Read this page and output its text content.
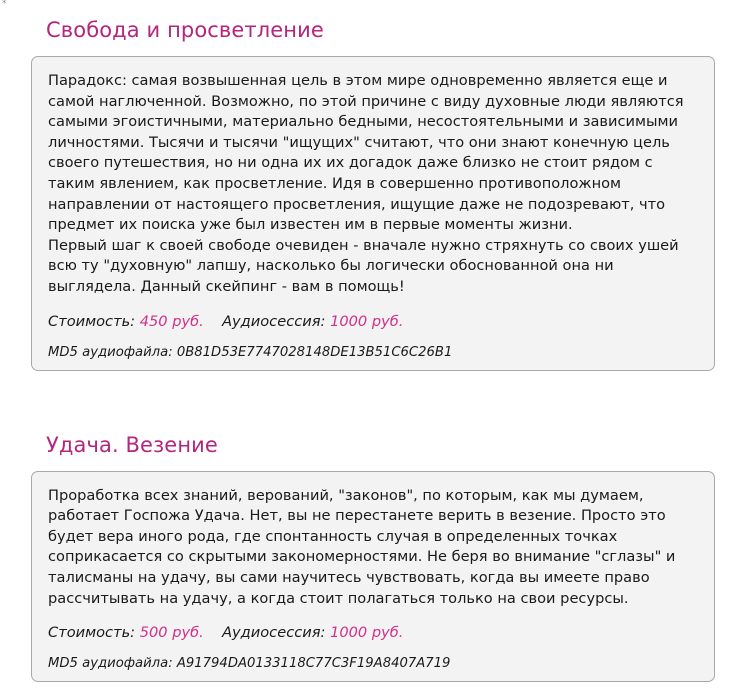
*
Свобода и просветление

Парадокс: самая возвышенная цель в этом мире одновременно является еще и самой наглюченной. Возможно, по этой причине с виду духовные люди являются самыми эгоистичными, материально бедными, несостоятельными и зависимыми личностями. Тысячи и тысячи "ищущих" считают, что они знают конечную цель своего путешествия, но ни одна их их догадок даже близко не стоит рядом с таким явлением, как просветление. Идя в совершенно противоположном направлении от настоящего просветления, ищущие даже не подозревают, что предмет их поиска уже был известен им в первые моменты жизни.

Первый шаг к своей свободе очевиден - вначале нужно стряхнуть со своих ушей всю ту "духовную" лапшу, насколько бы логически обоснованной она ни выглядела. Данный скейпинг - вам в помощь!

Стоимость: 450 руб. Аудиосессия: 1000 руб.
MD5 аудиофайла: 0B81D53E7747028148DE13B51C6C26B1
Удача. Везение

Проработка всех знаний, верований, "законов", по которым, как мы думаем, работает Госпожа Удача. Нет, вы не перестанете верить в везение. Просто это будет вера иного рода, где спонтанность случая в определенных точках соприкасается со скрытыми закономерностями. Не беря во внимание "сглазы" и талисманы на удачу, вы сами научитесь чувствовать, когда вы имеете право рассчитывать на удачу, а когда стоит полагаться только на свои ресурсы.

Стоимость: 500 руб. Аудиосессия: 1000 руб.
MD5 аудиофайла: A91794DA0133118C77C3F19A8407A719
